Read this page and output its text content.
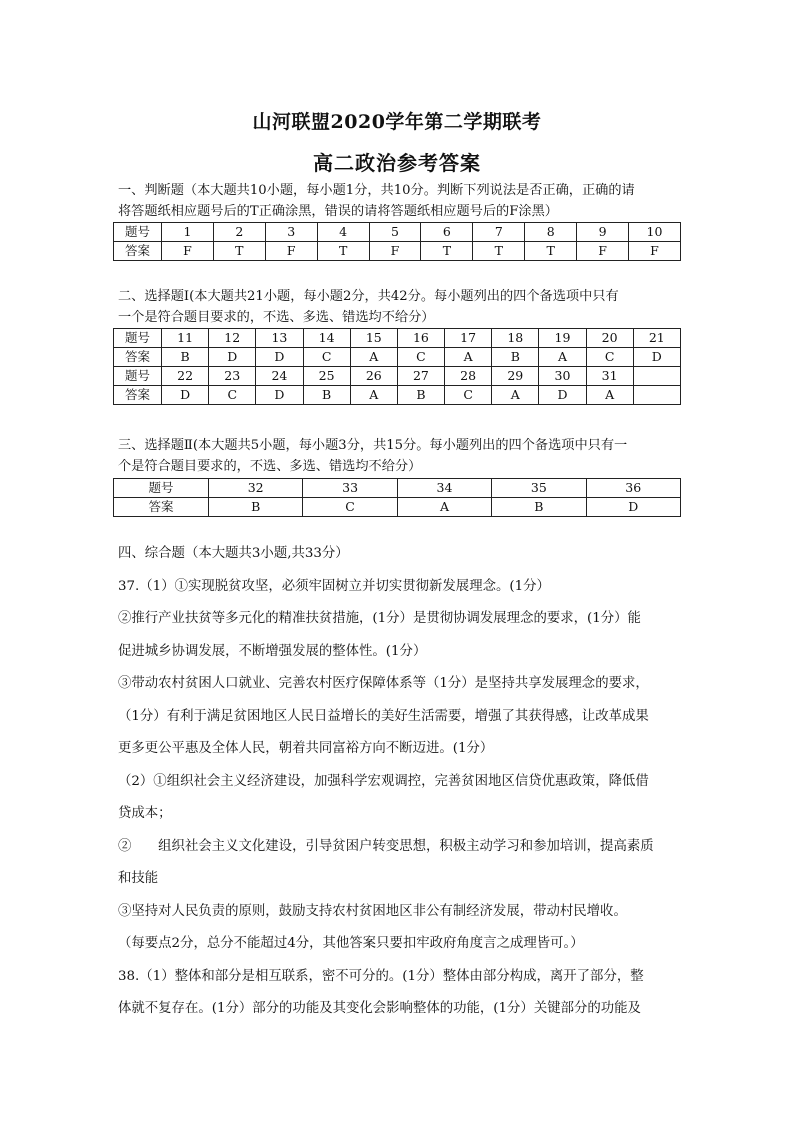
山河联盟2020学年第二学期联考
高二政治参考答案
一、判断题（本大题共10小题，每小题1分，共10分。判断下列说法是否正确，正确的请
将答题纸相应题号后的T正确涂黑，错误的请将答题纸相应题号后的F涂黑）
题号	1	2	3	4	5	6	7	8	9	10
答案	F	T	F	T	F	T	T	T	F	F
二、选择题Ⅰ(本大题共21小题，每小题2分，共42分。每小题列出的四个备选项中只有
一个是符合题目要求的，不选、多选、错选均不给分）
题号	11	12	13	14	15	16	17	18	19	20	21
答案	B	D	D	C	A	C	A	B	A	C	D
题号	22	23	24	25	26	27	28	29	30	31	
答案	D	C	D	B	A	B	C	A	D	A	
三、选择题Ⅱ(本大题共5小题，每小题3分，共15分。每小题列出的四个备选项中只有一
个是符合题目要求的，不选、多选、错选均不给分）
题号	32	33	34	35	36
答案	B	C	A	B	D

四、综合题（本大题共3小题,共33分）

37.（1）①实现脱贫攻坚，必须牢固树立并切实贯彻新发展理念。(1分）

②推行产业扶贫等多元化的精准扶贫措施，(1分）是贯彻协调发展理念的要求，(1分）能

促进城乡协调发展，不断增强发展的整体性。(1分）

③带动农村贫困人口就业、完善农村医疗保障体系等（1分）是坚持共享发展理念的要求，

（1分）有利于满足贫困地区人民日益增长的美好生活需要，增强了其获得感，让改革成果

更多更公平惠及全体人民，朝着共同富裕方向不断迈进。(1分）

（2）①组织社会主义经济建设，加强科学宏观调控，完善贫困地区信贷优惠政策，降低借

贷成本；

②　　组织社会主义文化建设，引导贫困户转变思想，积极主动学习和参加培训，提高素质

和技能

③坚持对人民负责的原则，鼓励支持农村贫困地区非公有制经济发展，带动村民增收。

（每要点2分，总分不能超过4分，其他答案只要扣牢政府角度言之成理皆可。）

38.（1）整体和部分是相互联系，密不可分的。(1分）整体由部分构成，离开了部分，整

体就不复存在。(1分）部分的功能及其变化会影响整体的功能，(1分）关键部分的功能及
